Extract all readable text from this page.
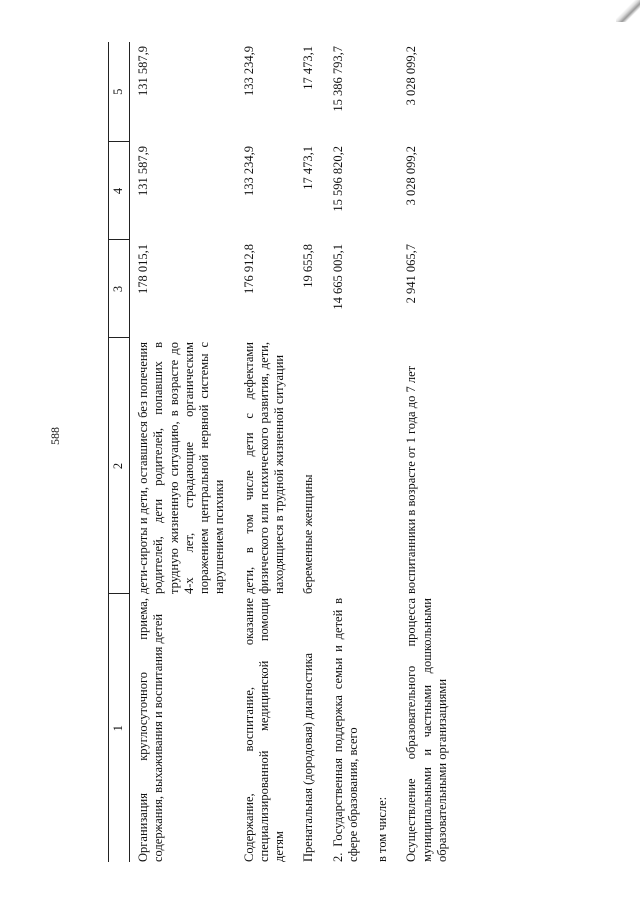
588
1	2	3	4	5
Организация круглосуточного приема, содержания, выхаживания и воспитания детей	дети-сироты и дети, оставшиеся без попечения родителей, дети родителей, попавших в трудную жизненную ситуацию, в возрасте до 4-х лет, страдающие органическим поражением центральной нервной системы с нарушением психики	178 015,1	131 587,9	131 587,9
Содержание, воспитание, оказание специализированной медицинской помощи детям	дети, в том числе дети с дефектами физического или психического развития, дети, находящиеся в трудной жизненной ситуации	176 912,8	133 234,9	133 234,9
Пренатальная (дородовая) диагностика	беременные женщины	19 655,8	17 473,1	17 473,1
2. Государственная поддержка семьи и детей в сфере образования, всего		14 665 005,1	15 596 820,2	15 386 793,7
в том числе:				
Осуществление образовательного процесса муниципальными и частными дошкольными образовательными организациями	воспитанники в возрасте от 1 года до 7 лет	2 941 065,7	3 028 099,2	3 028 099,2
